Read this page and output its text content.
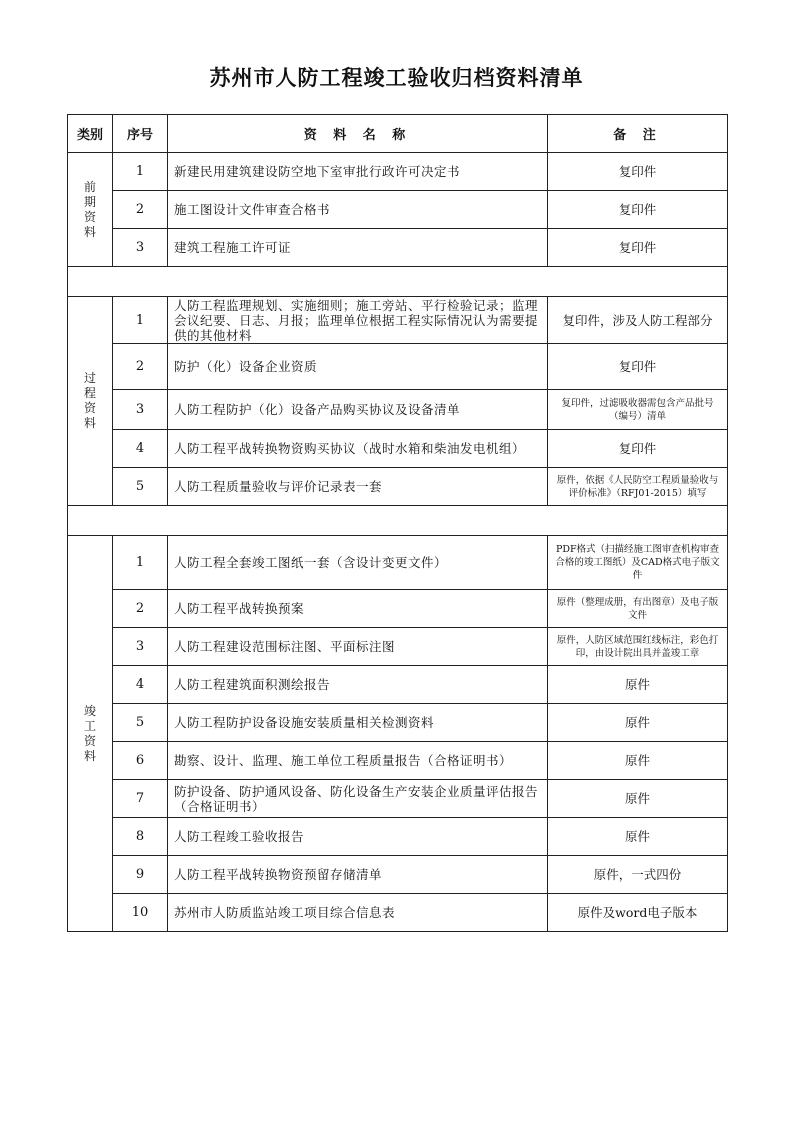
苏州市人防工程竣工验收归档资料清单
类别	序号	资 料 名 称	备 注
前期资料	1	新建民用建筑建设防空地下室审批行政许可决定书	复印件
	2	施工图设计文件审查合格书	复印件
	3	建筑工程施工许可证	复印件

过程资料	1	人防工程监理规划、实施细则；施工旁站、平行检验记录；监理会议纪要、日志、月报；监理单位根据工程实际情况认为需要提供的其他材料	复印件，涉及人防工程部分
	2	防护（化）设备企业资质	复印件
	3	人防工程防护（化）设备产品购买协议及设备清单	复印件，过滤吸收器需包含产品批号（编号）清单
	4	人防工程平战转换物资购买协议（战时水箱和柴油发电机组）	复印件
	5	人防工程质量验收与评价记录表一套	原件，依据《人民防空工程质量验收与评价标准》（RFJ01-2015）填写

竣工资料	1	人防工程全套竣工图纸一套（含设计变更文件）	PDF格式（扫描经施工图审查机构审查合格的竣工图纸）及CAD格式电子版文件
	2	人防工程平战转换预案	原件（整理成册，有出图章）及电子版文件
	3	人防工程建设范围标注图、平面标注图	原件，人防区域范围红线标注，彩色打印，由设计院出具并盖竣工章
	4	人防工程建筑面积测绘报告	原件
	5	人防工程防护设备设施安装质量相关检测资料	原件
	6	勘察、设计、监理、施工单位工程质量报告（合格证明书）	原件
	7	防护设备、防护通风设备、防化设备生产安装企业质量评估报告（合格证明书）	原件
	8	人防工程竣工验收报告	原件
	9	人防工程平战转换物资预留存储清单	原件，一式四份
	10	苏州市人防质监站竣工项目综合信息表	原件及word电子版本
